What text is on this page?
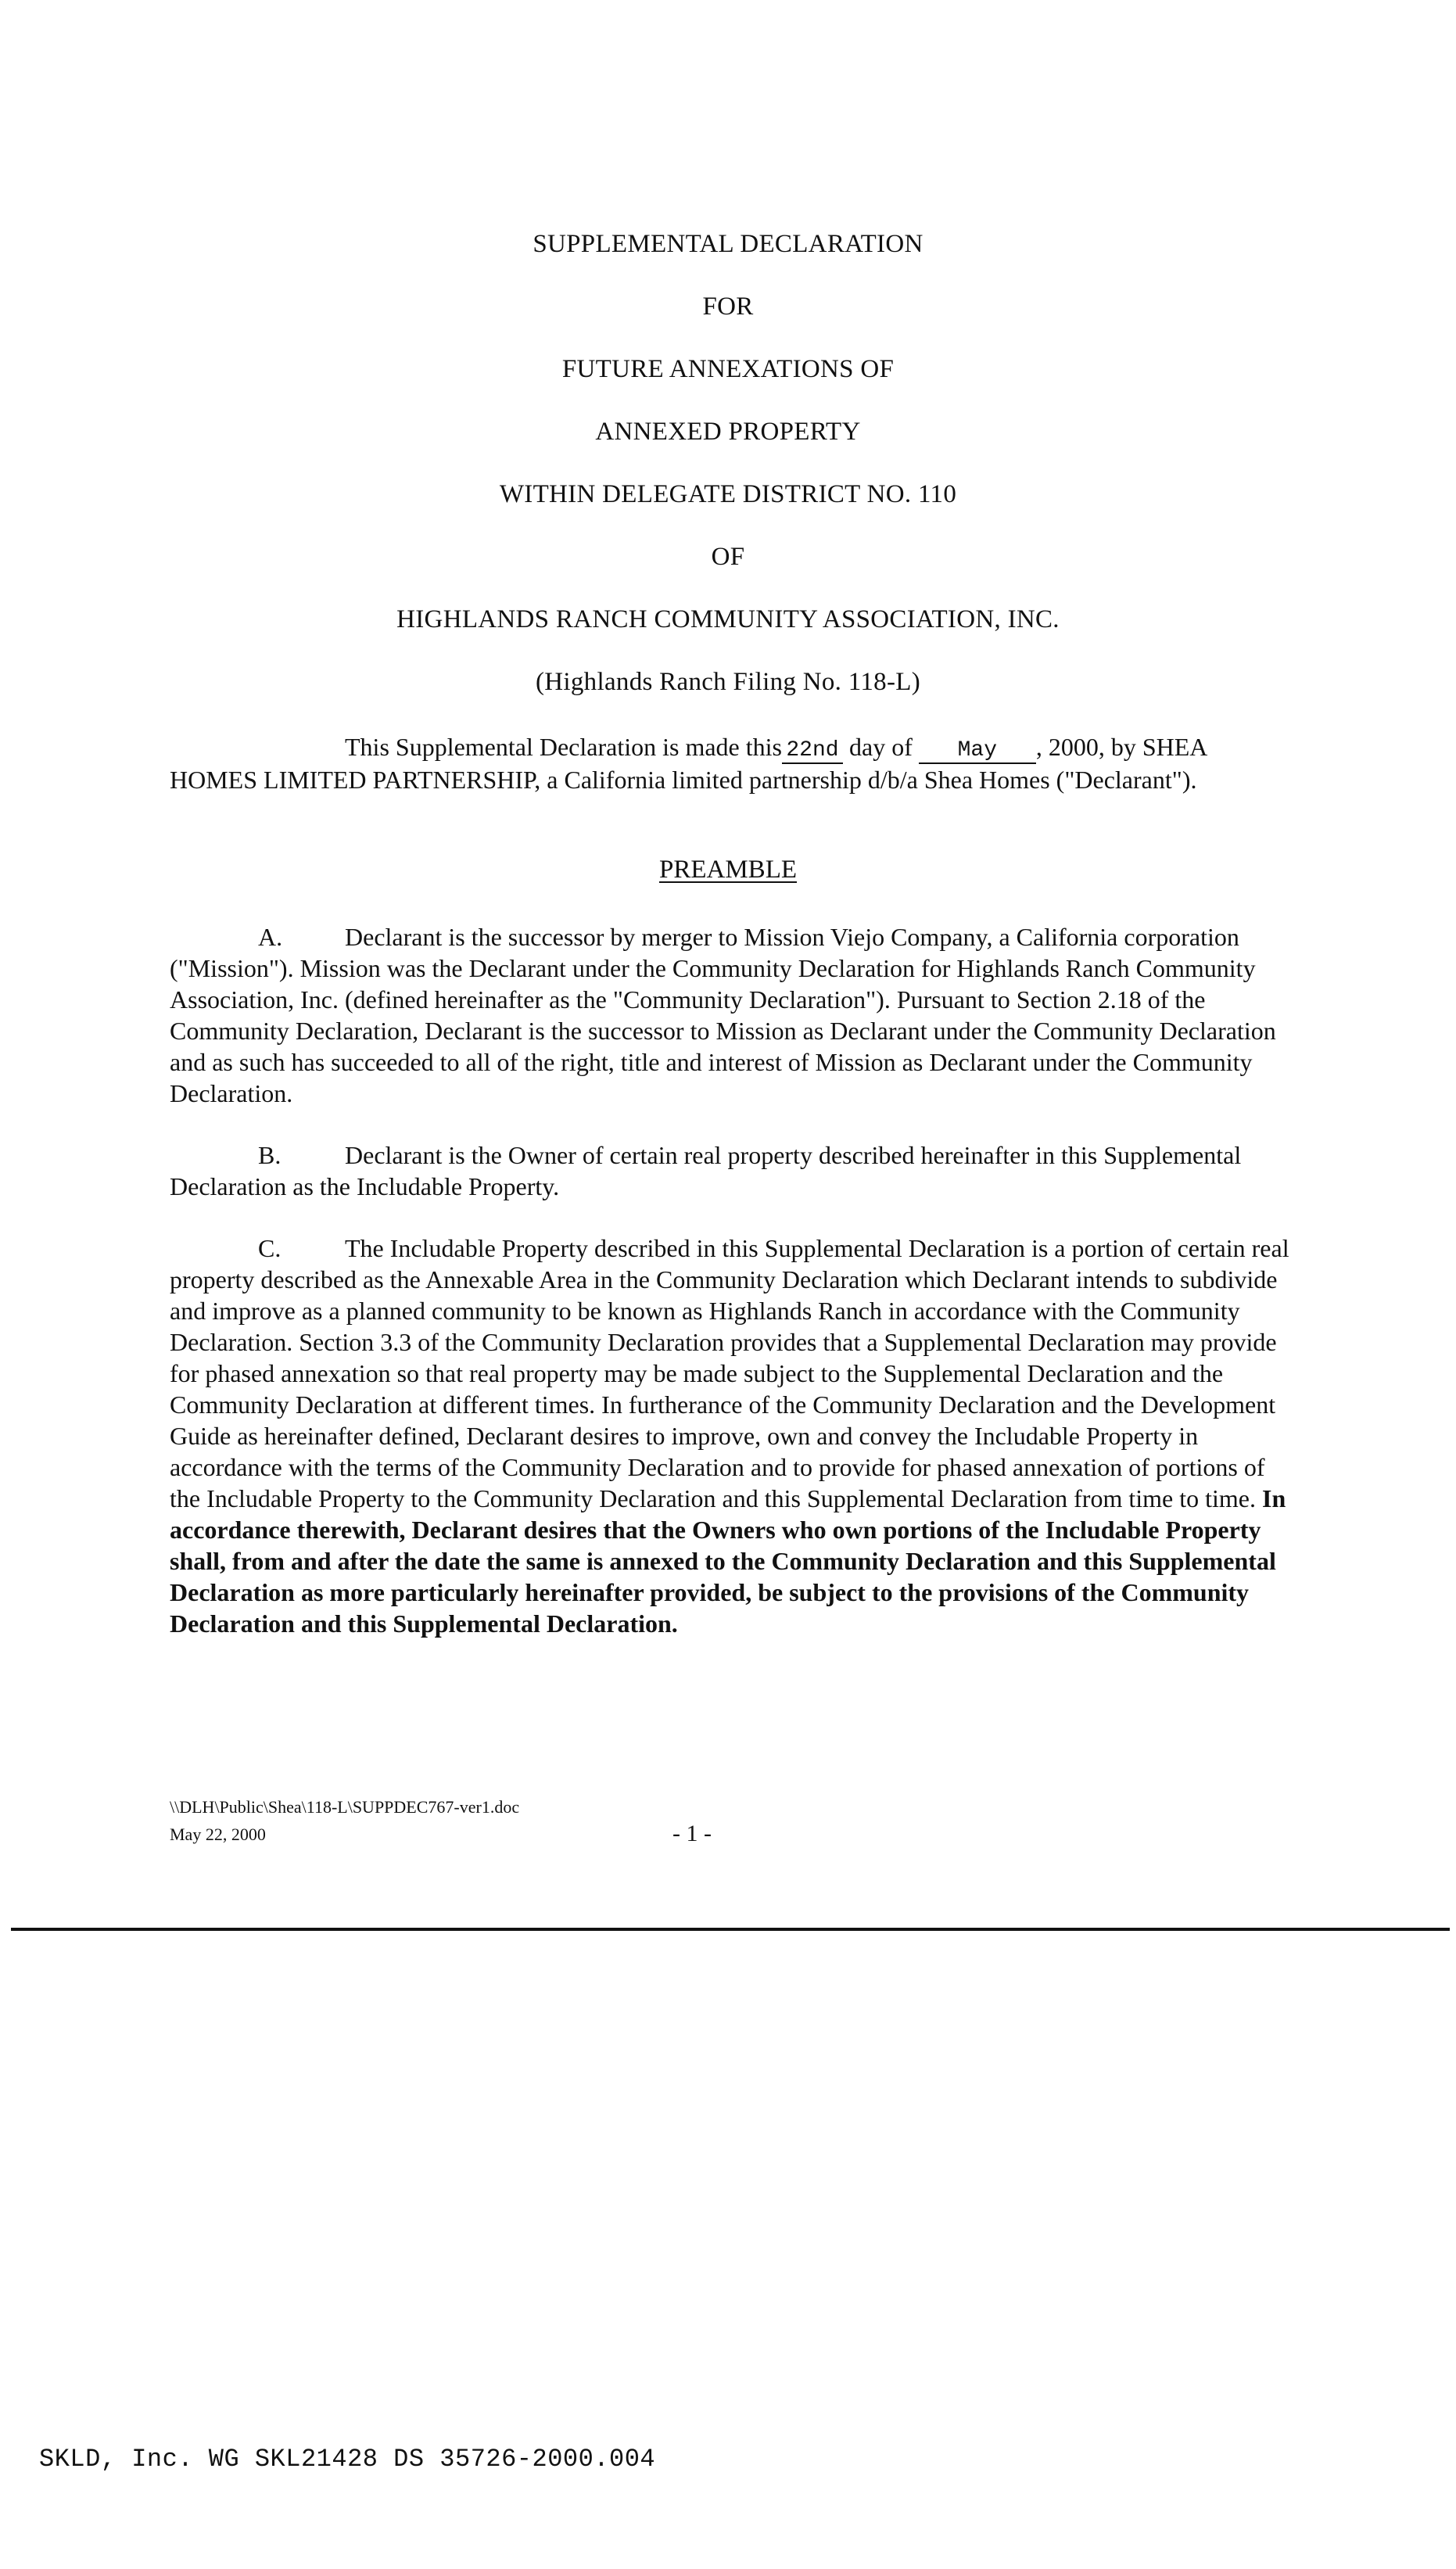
SUPPLEMENTAL DECLARATION
FOR
FUTURE ANNEXATIONS OF
ANNEXED PROPERTY
WITHIN DELEGATE DISTRICT NO. 110
OF
HIGHLANDS RANCH COMMUNITY ASSOCIATION, INC.
(Highlands Ranch Filing No. 118-L)
This Supplemental Declaration is made this 22nd day of May , 2000, by SHEA HOMES LIMITED PARTNERSHIP, a California limited partnership d/b/a Shea Homes ("Declarant").
PREAMBLE
A. Declarant is the successor by merger to Mission Viejo Company, a California corporation ("Mission"). Mission was the Declarant under the Community Declaration for Highlands Ranch Community Association, Inc. (defined hereinafter as the "Community Declaration"). Pursuant to Section 2.18 of the Community Declaration, Declarant is the successor to Mission as Declarant under the Community Declaration and as such has succeeded to all of the right, title and interest of Mission as Declarant under the Community Declaration.
B.	Declarant is the Owner of certain real property described hereinafter in this Supplemental Declaration as the Includable Property.
C.	The Includable Property described in this Supplemental Declaration is a portion of certain real property described as the Annexable Area in the Community Declaration which Declarant intends to subdivide and improve as a planned community to be known as Highlands Ranch in accordance with the Community Declaration. Section 3.3 of the Community Declaration provides that a Supplemental Declaration may provide for phased annexation so that real property may be made subject to the Supplemental Declaration and the Community Declaration at different times. In furtherance of the Community Declaration and the Development Guide as hereinafter defined, Declarant desires to improve, own and convey the Includable Property in accordance with the terms of the Community Declaration and to provide for phased annexation of portions of the Includable Property to the Community Declaration and this Supplemental Declaration from time to time. In accordance therewith, Declarant desires that the Owners who own portions of the Includable Property shall, from and after the date the same is annexed to the Community Declaration and this Supplemental Declaration as more particularly hereinafter provided, be subject to the provisions of the Community Declaration and this Supplemental Declaration.
\\DLH\Public\Shea\118-L\SUPPDEC767-ver1.doc
May 22, 2000	- 1 -
SKLD, Inc. WG SKL21428 DS 35726-2000.004
